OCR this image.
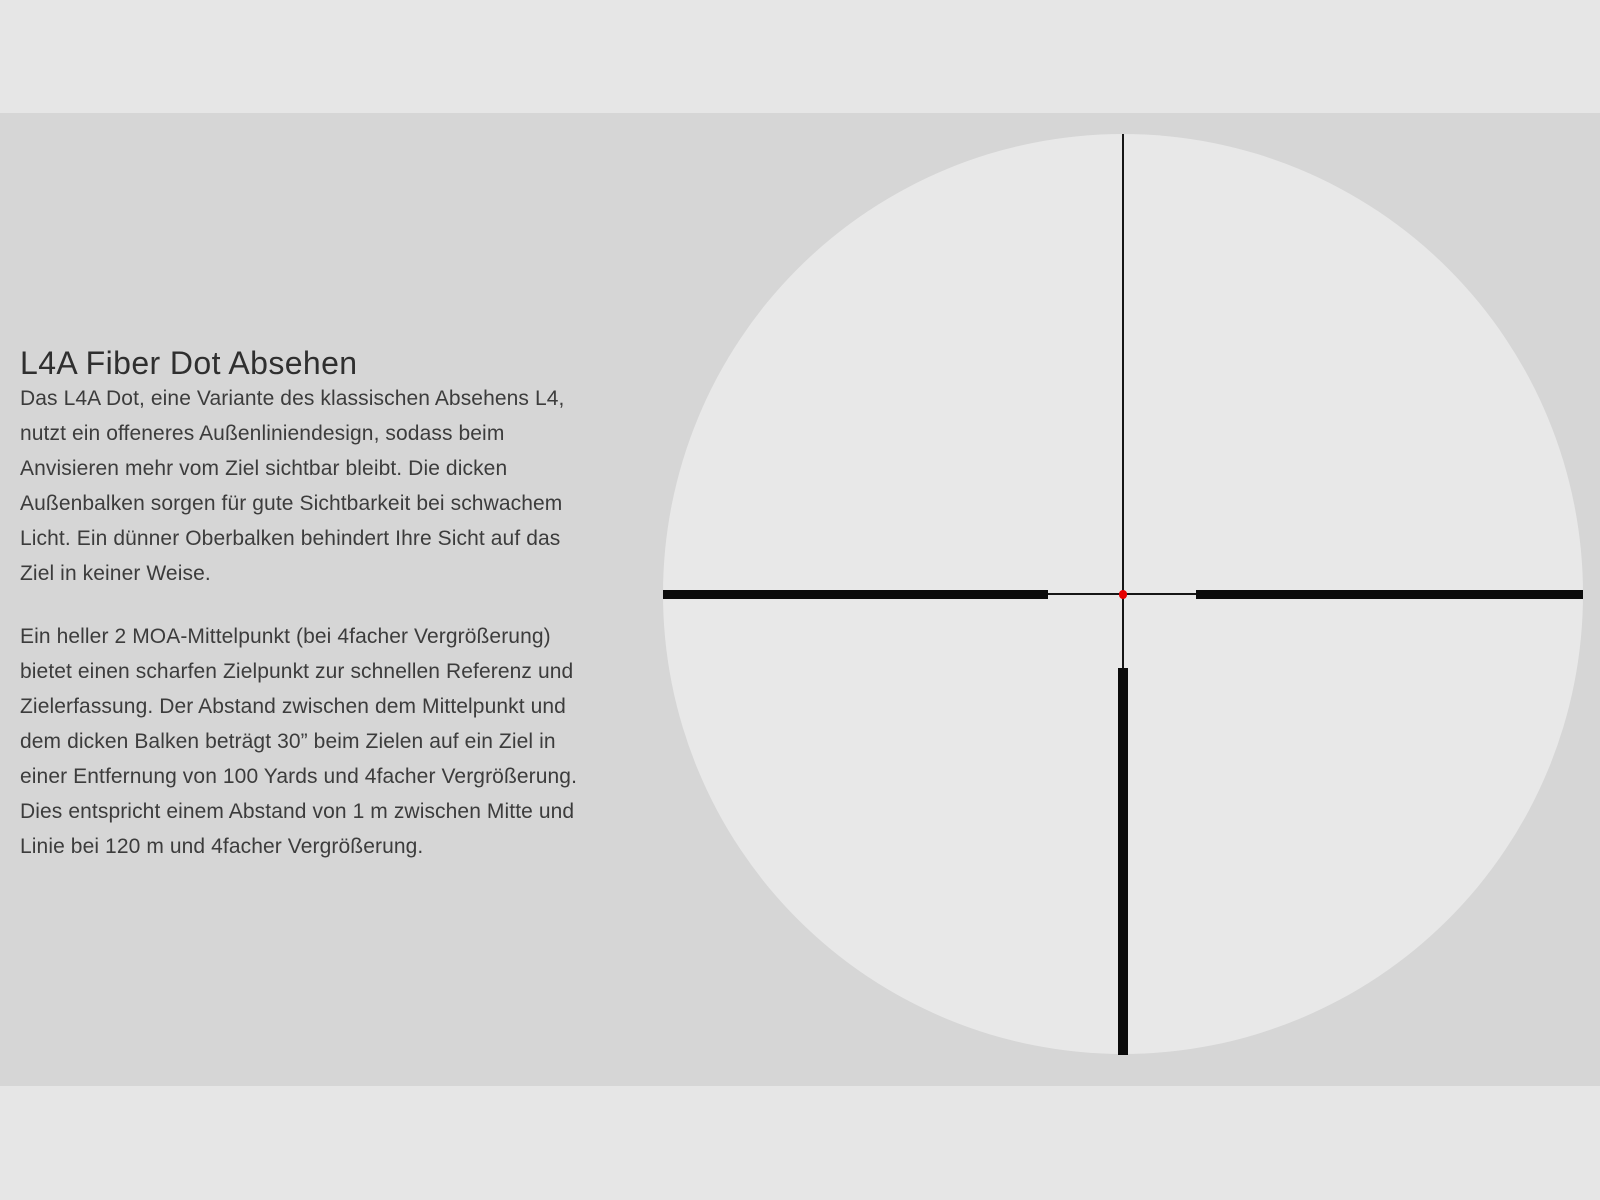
L4A Fiber Dot Absehen
Das L4A Dot, eine Variante des klassischen Absehens L4,
nutzt ein offeneres Außenliniendesign, sodass beim
Anvisieren mehr vom Ziel sichtbar bleibt. Die dicken
Außenbalken sorgen für gute Sichtbarkeit bei schwachem
Licht. Ein dünner Oberbalken behindert Ihre Sicht auf das
Ziel in keiner Weise.
Ein heller 2 MOA-Mittelpunkt (bei 4facher Vergrößerung)
bietet einen scharfen Zielpunkt zur schnellen Referenz und
Zielerfassung. Der Abstand zwischen dem Mittelpunkt und
dem dicken Balken beträgt 30” beim Zielen auf ein Ziel in
einer Entfernung von 100 Yards und 4facher Vergrößerung.
Dies entspricht einem Abstand von 1 m zwischen Mitte und
Linie bei 120 m und 4facher Vergrößerung.
